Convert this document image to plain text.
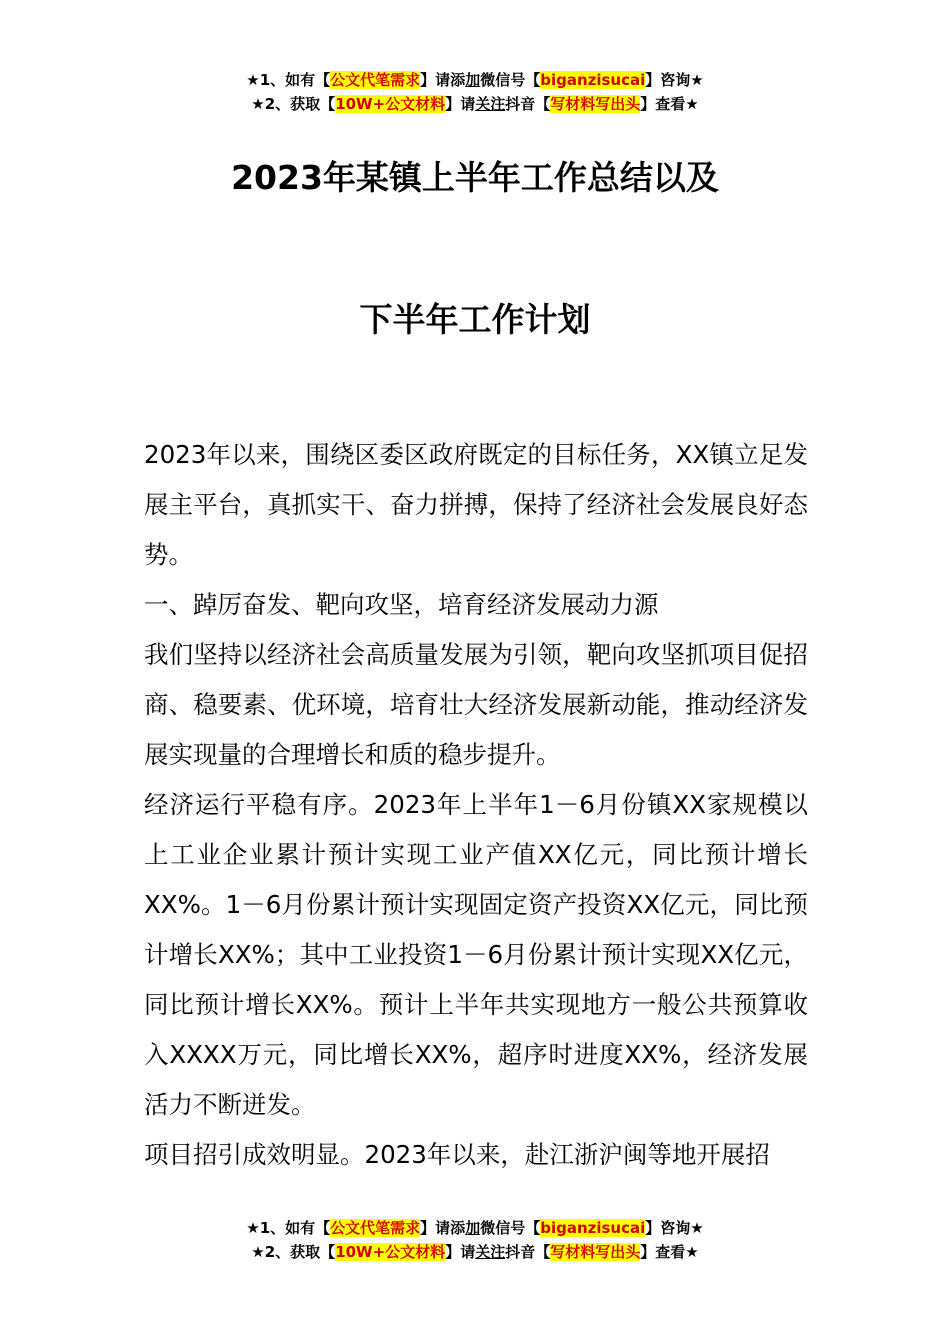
★1、如有【公文代笔需求】请添加微信号【biganzisucai】咨询★
★2、获取【10W+公文材料】请关注抖音【写材料写出头】查看★
2023年某镇上半年工作总结以及
下半年工作计划

2023年以来，围绕区委区政府既定的目标任务，XX镇立足发展主平台，真抓实干、奋力拼搏，保持了经济社会发展良好态势。

一、踔厉奋发、靶向攻坚，培育经济发展动力源

我们坚持以经济社会高质量发展为引领，靶向攻坚抓项目促招商、稳要素、优环境，培育壮大经济发展新动能，推动经济发展实现量的合理增长和质的稳步提升。

经济运行平稳有序。2023年上半年1－6月份镇XX家规模以上工业企业累计预计实现工业产值XX亿元，同比预计增长XX%。1－6月份累计预计实现固定资产投资XX亿元，同比预计增长XX%；其中工业投资1－6月份累计预计实现XX亿元，同比预计增长XX%。预计上半年共实现地方一般公共预算收入XXXX万元，同比增长XX%，超序时进度XX%，经济发展活力不断迸发。

项目招引成效明显。2023年以来，赴江浙沪闽等地开展招

★1、如有【公文代笔需求】请添加微信号【biganzisucai】咨询★
★2、获取【10W+公文材料】请关注抖音【写材料写出头】查看★
